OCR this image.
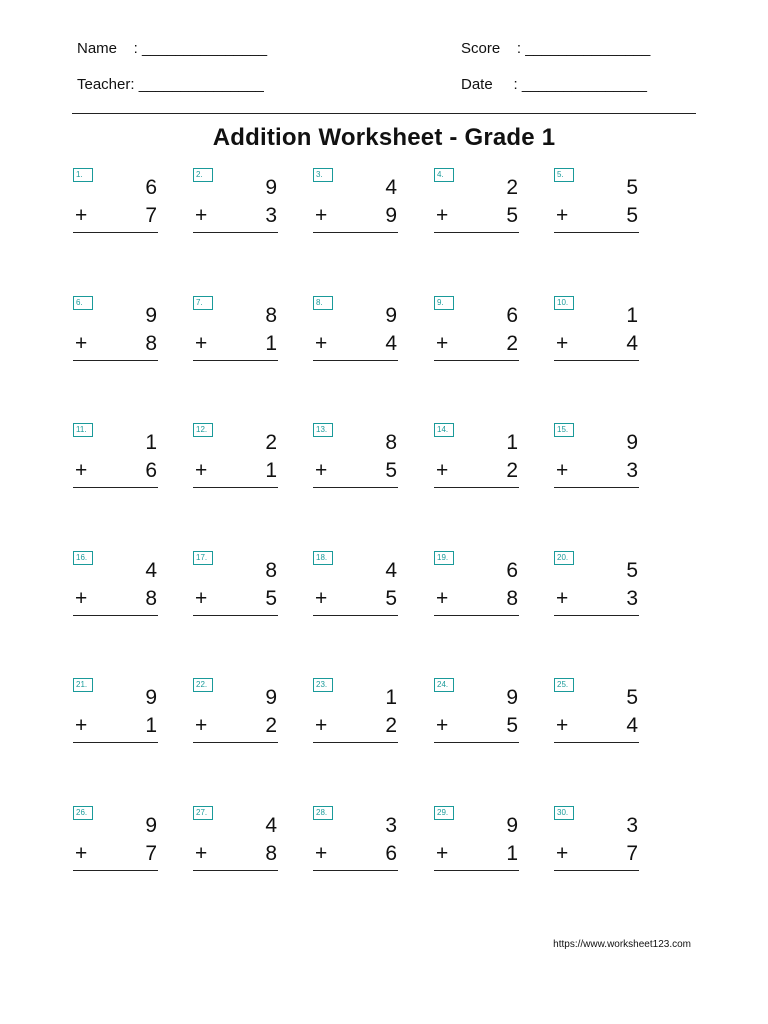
Name    : _______________	Score    : _______________
Teacher: _______________	Date     : _______________
Addition Worksheet - Grade 1
1.
6
+	7
2.
9
+	3
3.
4
+	9
4.
2
+	5
5.
5
+	5
6.
9
+	8
7.
8
+	1
8.
9
+	4
9.
6
+	2
10.
1
+	4
11.
1
+	6
12.
2
+	1
13.
8
+	5
14.
1
+	2
15.
9
+	3
16.
4
+	8
17.
8
+	5
18.
4
+	5
19.
6
+	8
20.
5
+	3
21.
9
+	1
22.
9
+	2
23.
1
+	2
24.
9
+	5
25.
5
+	4
26.
9
+	7
27.
4
+	8
28.
3
+	6
29.
9
+	1
30.
3
+	7
https://www.worksheet123.com
